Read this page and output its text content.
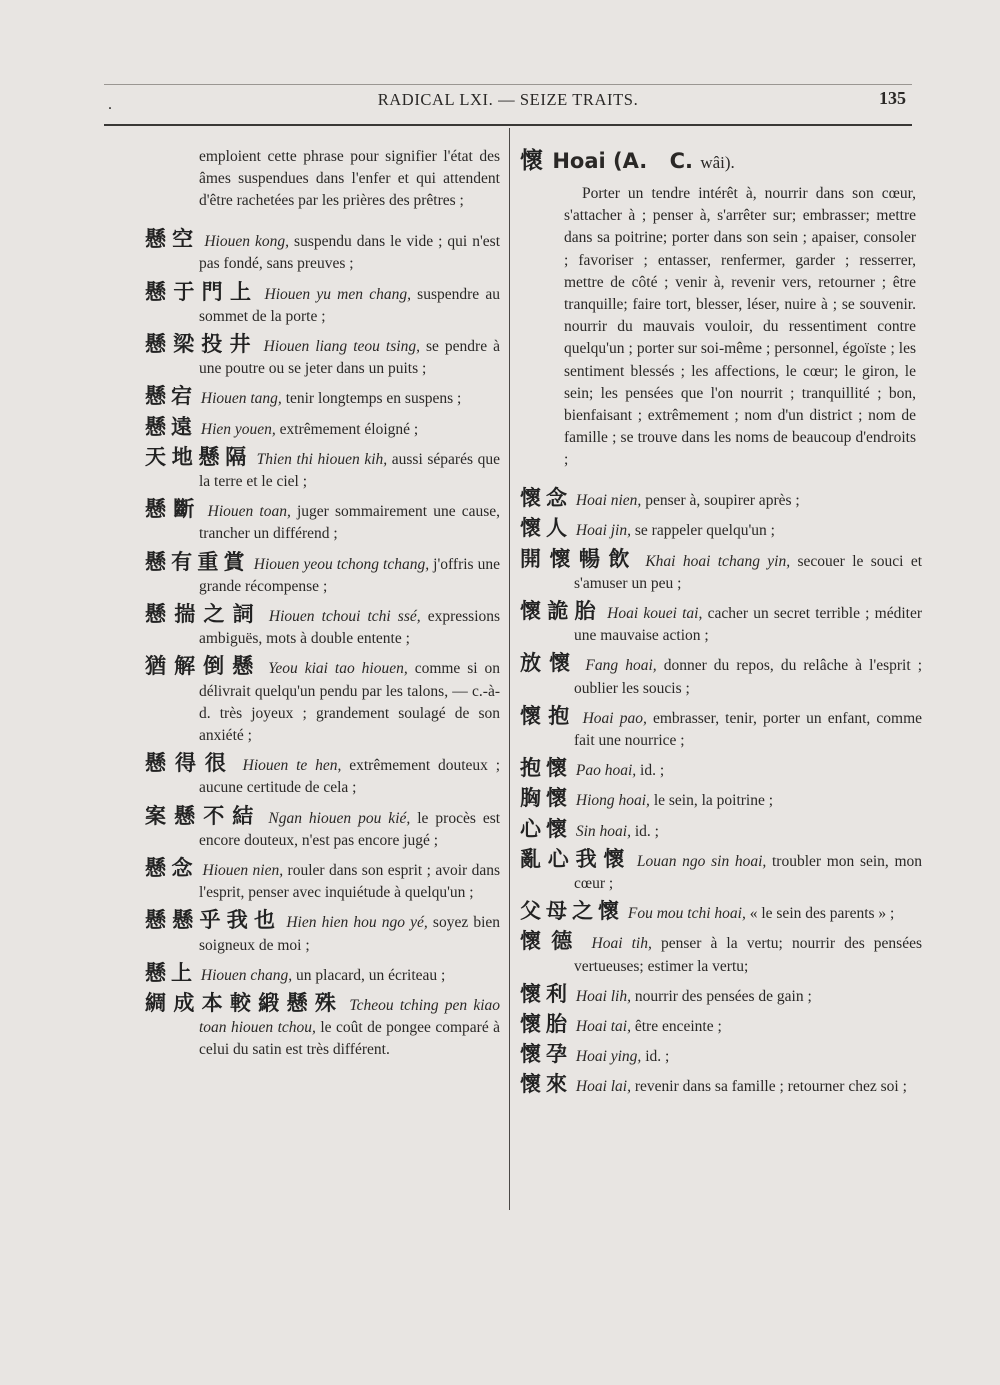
.	RADICAL LXI. — SEIZE TRAITS.	135

emploient cette phrase pour signifier l'état des âmes suspendues dans l'enfer et qui attendent d'être rachetées par les prières des prêtres ;

懸空 Hiouen kong, suspendu dans le vide ; qui n'est pas fondé, sans preuves ;

懸于門上 Hiouen yu men chang, suspendre au sommet de la porte ;

懸梁投井 Hiouen liang teou tsing, se pendre à une poutre ou se jeter dans un puits ;

懸宕 Hiouen tang, tenir longtemps en suspens ;

懸遠 Hien youen, extrêmement éloigné ;

天地懸隔 Thien thi hiouen kih, aussi séparés que la terre et le ciel ;

懸斷 Hiouen toan, juger sommairement une cause, trancher un différend ;

懸有重賞 Hiouen yeou tchong tchang, j'offris une grande récompense ;

懸揣之詞 Hiouen tchoui tchi ssé, expressions ambiguës, mots à double entente ;

猶解倒懸 Yeou kiai tao hiouen, comme si on délivrait quelqu'un pendu par les talons, — c.-à-d. très joyeux ; grandement soulagé de son anxiété ;

懸得很 Hiouen te hen, extrêmement douteux ; aucune certitude de cela ;

案懸不結 Ngan hiouen pou kié, le procès est encore douteux, n'est pas encore jugé ;

懸念 Hiouen nien, rouler dans son esprit ; avoir dans l'esprit, penser avec inquiétude à quelqu'un ;

懸懸乎我也 Hien hien hou ngo yé, soyez bien soigneux de moi ;

懸上 Hiouen chang, un placard, un écriteau ;

綢成本較緞懸殊 Tcheou tching pen kiao toan hiouen tchou, le coût de pongee comparé à celui du satin est très différent.

懷 Hoai (A. C. wâi).

Porter un tendre intérêt à, nourrir dans son cœur, s'attacher à ; penser à, s'arrêter sur; embrasser; mettre dans sa poitrine; porter dans son sein ; apaiser, consoler ; favoriser ; entasser, renfermer, garder ; resserrer, mettre de côté ; venir à, revenir vers, retourner ; être tranquille; faire tort, blesser, léser, nuire à ; se souvenir. nourrir du mauvais vouloir, du ressentiment contre quelqu'un ; porter sur soi-même ; personnel, égoïste ; les sentiment blessés ; les affections, le cœur; le giron, le sein; les pensées que l'on nourrit ; tranquillité ; bon, bienfaisant ; extrêmement ; nom d'un district ; nom de famille ; se trouve dans les noms de beaucoup d'endroits ;

懷念 Hoai nien, penser à, soupirer après ;

懷人 Hoai jin, se rappeler quelqu'un ;

開懷暢飲 Khai hoai tchang yin, secouer le souci et s'amuser un peu ;

懷詭胎 Hoai kouei tai, cacher un secret terrible ; méditer une mauvaise action ;

放懷 Fang hoai, donner du repos, du relâche à l'esprit ; oublier les soucis ;

懷抱 Hoai pao, embrasser, tenir, porter un enfant, comme fait une nourrice ;

抱懷 Pao hoai, id. ;

胸懷 Hiong hoai, le sein, la poitrine ;

心懷 Sin hoai, id. ;

亂心我懷 Louan ngo sin hoai, troubler mon sein, mon cœur ;

父母之懷 Fou mou tchi hoai, « le sein des parents » ;

懷德 Hoai tih, penser à la vertu; nourrir des pensées vertueuses; estimer la vertu;

懷利 Hoai lih, nourrir des pensées de gain ;

懷胎 Hoai tai, être enceinte ;

懷孕 Hoai ying, id. ;

懷來 Hoai lai, revenir dans sa famille ; retourner chez soi ;
